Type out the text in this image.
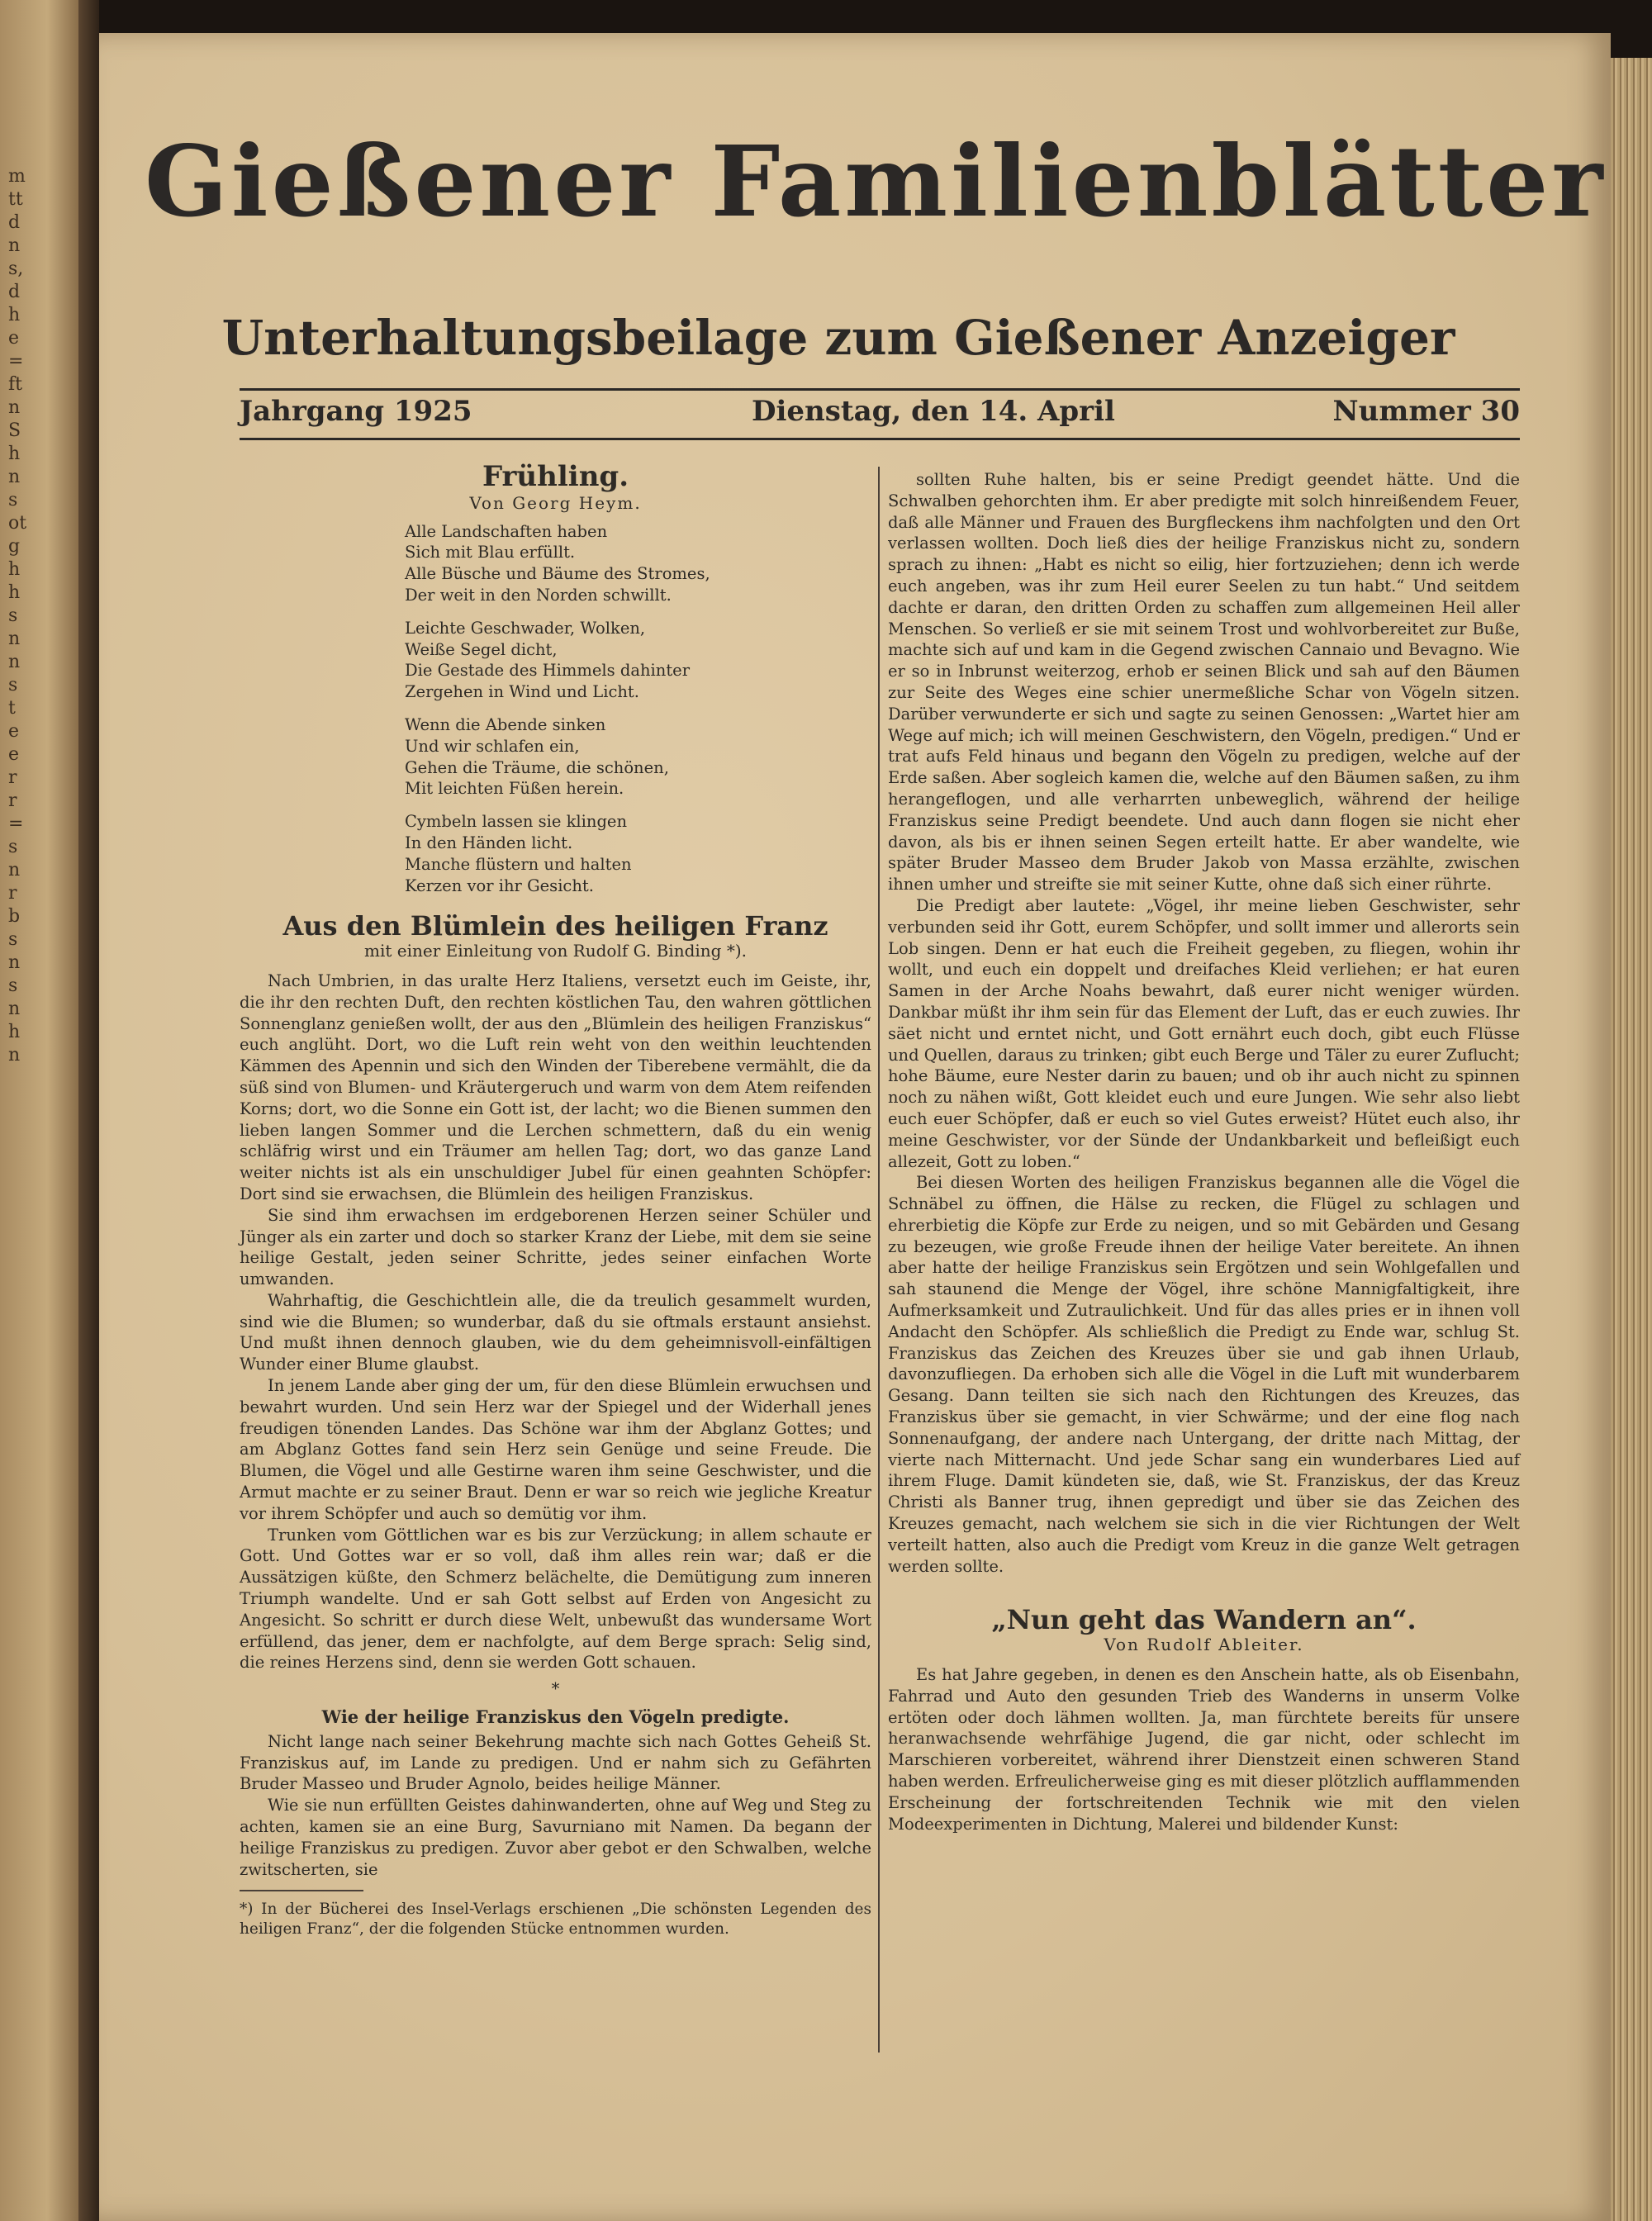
m
tt
d
n
s,
d
h
e
=
ft
n
S
h
n
s
ot
g
h
h
s
n
n
s
t
e
e
r
r
=
s
n
r
b
s
n
s
n
h
n
Gießener Familienblätter
Unterhaltungsbeilage zum Gießener Anzeiger
Jahrgang 1925	Dienstag, den 14. April	Nummer 30
Frühling.
Von Georg Heym.
Alle Landschaften haben
Sich mit Blau erfüllt.
Alle Büsche und Bäume des Stromes,
Der weit in den Norden schwillt.
Leichte Geschwader, Wolken,
Weiße Segel dicht,
Die Gestade des Himmels dahinter
Zergehen in Wind und Licht.
Wenn die Abende sinken
Und wir schlafen ein,
Gehen die Träume, die schönen,
Mit leichten Füßen herein.
Cymbeln lassen sie klingen
In den Händen licht.
Manche flüstern und halten
Kerzen vor ihr Gesicht.
Aus den Blümlein des heiligen Franz
mit einer Einleitung von Rudolf G. Binding *).

Nach Umbrien, in das uralte Herz Italiens, versetzt euch im Geiste, ihr, die ihr den rechten Duft, den rechten köstlichen Tau, den wahren göttlichen Sonnenglanz genießen wollt, der aus den „Blümlein des heiligen Franziskus“ euch anglüht. Dort, wo die Luft rein weht von den weithin leuchtenden Kämmen des Apennin und sich den Winden der Tiberebene vermählt, die da süß sind von Blumen- und Kräutergeruch und warm von dem Atem reifenden Korns; dort, wo die Sonne ein Gott ist, der lacht; wo die Bienen summen den lieben langen Sommer und die Lerchen schmettern, daß du ein wenig schläfrig wirst und ein Träumer am hellen Tag; dort, wo das ganze Land weiter nichts ist als ein unschuldiger Jubel für einen geahnten Schöpfer: Dort sind sie erwachsen, die Blümlein des heiligen Franziskus.

Sie sind ihm erwachsen im erdgeborenen Herzen seiner Schüler und Jünger als ein zarter und doch so starker Kranz der Liebe, mit dem sie seine heilige Gestalt, jeden seiner Schritte, jedes seiner einfachen Worte umwanden.

Wahrhaftig, die Geschichtlein alle, die da treulich gesammelt wurden, sind wie die Blumen; so wunderbar, daß du sie oftmals erstaunt ansiehst. Und mußt ihnen dennoch glauben, wie du dem geheimnisvoll-einfältigen Wunder einer Blume glaubst.

In jenem Lande aber ging der um, für den diese Blümlein erwuchsen und bewahrt wurden. Und sein Herz war der Spiegel und der Widerhall jenes freudigen tönenden Landes. Das Schöne war ihm der Abglanz Gottes; und am Abglanz Gottes fand sein Herz sein Genüge und seine Freude. Die Blumen, die Vögel und alle Gestirne waren ihm seine Geschwister, und die Armut machte er zu seiner Braut. Denn er war so reich wie jegliche Kreatur vor ihrem Schöpfer und auch so demütig vor ihm.

Trunken vom Göttlichen war es bis zur Verzückung; in allem schaute er Gott. Und Gottes war er so voll, daß ihm alles rein war; daß er die Aussätzigen küßte, den Schmerz belächelte, die Demütigung zum inneren Triumph wandelte. Und er sah Gott selbst auf Erden von Angesicht zu Angesicht. So schritt er durch diese Welt, unbewußt das wundersame Wort erfüllend, das jener, dem er nachfolgte, auf dem Berge sprach: Selig sind, die reines Herzens sind, denn sie werden Gott schauen.

*
Wie der heilige Franziskus den Vögeln predigte.

Nicht lange nach seiner Bekehrung machte sich nach Gottes Geheiß St. Franziskus auf, im Lande zu predigen. Und er nahm sich zu Gefährten Bruder Masseo und Bruder Agnolo, beides heilige Männer.

Wie sie nun erfüllten Geistes dahinwanderten, ohne auf Weg und Steg zu achten, kamen sie an eine Burg, Savurniano mit Namen. Da begann der heilige Franziskus zu predigen. Zuvor aber gebot er den Schwalben, welche zwitscherten, sie

*) In der Bücherei des Insel-Verlags erschienen „Die schönsten Legenden des heiligen Franz“, der die folgenden Stücke entnommen wurden.

sollten Ruhe halten, bis er seine Predigt geendet hätte. Und die Schwalben gehorchten ihm. Er aber predigte mit solch hinreißendem Feuer, daß alle Männer und Frauen des Burgfleckens ihm nachfolgten und den Ort verlassen wollten. Doch ließ dies der heilige Franziskus nicht zu, sondern sprach zu ihnen: „Habt es nicht so eilig, hier fortzuziehen; denn ich werde euch angeben, was ihr zum Heil eurer Seelen zu tun habt.“ Und seitdem dachte er daran, den dritten Orden zu schaffen zum allgemeinen Heil aller Menschen. So verließ er sie mit seinem Trost und wohlvorbereitet zur Buße, machte sich auf und kam in die Gegend zwischen Cannaio und Bevagno. Wie er so in Inbrunst weiterzog, erhob er seinen Blick und sah auf den Bäumen zur Seite des Weges eine schier unermeßliche Schar von Vögeln sitzen. Darüber verwunderte er sich und sagte zu seinen Genossen: „Wartet hier am Wege auf mich; ich will meinen Geschwistern, den Vögeln, predigen.“ Und er trat aufs Feld hinaus und begann den Vögeln zu predigen, welche auf der Erde saßen. Aber sogleich kamen die, welche auf den Bäumen saßen, zu ihm herangeflogen, und alle verharrten unbeweglich, während der heilige Franziskus seine Predigt beendete. Und auch dann flogen sie nicht eher davon, als bis er ihnen seinen Segen erteilt hatte. Er aber wandelte, wie später Bruder Masseo dem Bruder Jakob von Massa erzählte, zwischen ihnen umher und streifte sie mit seiner Kutte, ohne daß sich einer rührte.

Die Predigt aber lautete: „Vögel, ihr meine lieben Geschwister, sehr verbunden seid ihr Gott, eurem Schöpfer, und sollt immer und allerorts sein Lob singen. Denn er hat euch die Freiheit gegeben, zu fliegen, wohin ihr wollt, und euch ein doppelt und dreifaches Kleid verliehen; er hat euren Samen in der Arche Noahs bewahrt, daß eurer nicht weniger würden. Dankbar müßt ihr ihm sein für das Element der Luft, das er euch zuwies. Ihr säet nicht und erntet nicht, und Gott ernährt euch doch, gibt euch Flüsse und Quellen, daraus zu trinken; gibt euch Berge und Täler zu eurer Zuflucht; hohe Bäume, eure Nester darin zu bauen; und ob ihr auch nicht zu spinnen noch zu nähen wißt, Gott kleidet euch und eure Jungen. Wie sehr also liebt euch euer Schöpfer, daß er euch so viel Gutes erweist? Hütet euch also, ihr meine Geschwister, vor der Sünde der Undankbarkeit und befleißigt euch allezeit, Gott zu loben.“

Bei diesen Worten des heiligen Franziskus begannen alle die Vögel die Schnäbel zu öffnen, die Hälse zu recken, die Flügel zu schlagen und ehrerbietig die Köpfe zur Erde zu neigen, und so mit Gebärden und Gesang zu bezeugen, wie große Freude ihnen der heilige Vater bereitete. An ihnen aber hatte der heilige Franziskus sein Ergötzen und sein Wohlgefallen und sah staunend die Menge der Vögel, ihre schöne Mannigfaltigkeit, ihre Aufmerksamkeit und Zutraulichkeit. Und für das alles pries er in ihnen voll Andacht den Schöpfer. Als schließlich die Predigt zu Ende war, schlug St. Franziskus das Zeichen des Kreuzes über sie und gab ihnen Urlaub, davonzufliegen. Da erhoben sich alle die Vögel in die Luft mit wunderbarem Gesang. Dann teilten sie sich nach den Richtungen des Kreuzes, das Franziskus über sie gemacht, in vier Schwärme; und der eine flog nach Sonnenaufgang, der andere nach Untergang, der dritte nach Mittag, der vierte nach Mitternacht. Und jede Schar sang ein wunderbares Lied auf ihrem Fluge. Damit kündeten sie, daß, wie St. Franziskus, der das Kreuz Christi als Banner trug, ihnen gepredigt und über sie das Zeichen des Kreuzes gemacht, nach welchem sie sich in die vier Richtungen der Welt verteilt hatten, also auch die Predigt vom Kreuz in die ganze Welt getragen werden sollte.

„Nun geht das Wandern an“.
Von Rudolf Ableiter.

Es hat Jahre gegeben, in denen es den Anschein hatte, als ob Eisenbahn, Fahrrad und Auto den gesunden Trieb des Wanderns in unserm Volke ertöten oder doch lähmen wollten. Ja, man fürchtete bereits für unsere heranwachsende wehrfähige Jugend, die gar nicht, oder schlecht im Marschieren vorbereitet, während ihrer Dienstzeit einen schweren Stand haben werden. Erfreulicherweise ging es mit dieser plötzlich aufflammenden Erscheinung der fortschreitenden Technik wie mit den vielen Modeexperimenten in Dichtung, Malerei und bildender Kunst:
